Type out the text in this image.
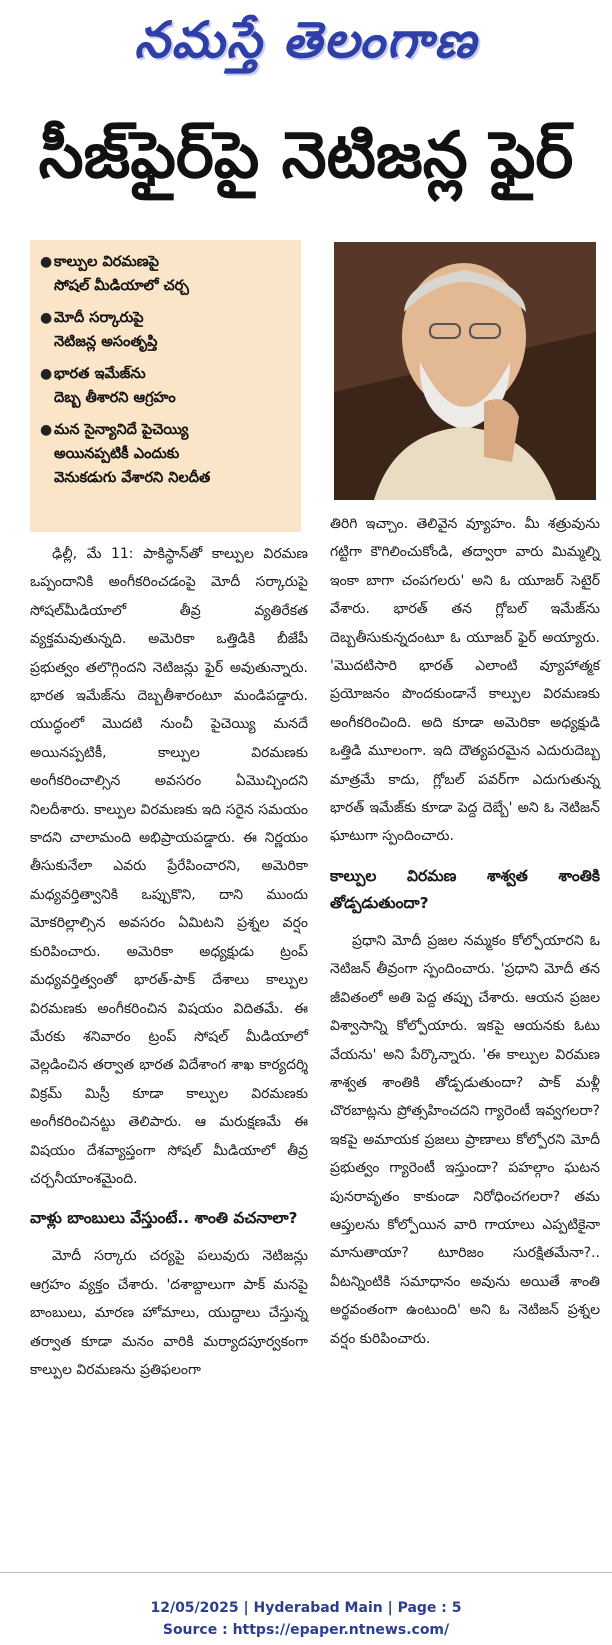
నమస్తే తెలంగాణ
సీజ్‌ఫైర్‌పై నెటిజన్ల ఫైర్‌
● కాల్పుల విరమణపై
సోషల్‌ మీడియాలో చర్చ
● మోదీ సర్కారుపై
నెటిజన్ల అసంతృప్తి
● భారత ఇమేజ్‌ను
దెబ్బ తీశారని ఆగ్రహం
● మన సైన్యానిదే పైచెయ్యి
అయినప్పటికీ ఎందుకు
వెనుకడుగు వేశారని నిలదీత

ఢిల్లీ, మే 11: పాకిస్థాన్‌తో కాల్పుల విరమణ ఒప్పందానికి అంగీకరించడంపై మోదీ సర్కారుపై సోషల్‌మీడియాలో తీవ్ర వ్యతిరేకత వ్యక్తమవుతున్నది. అమెరికా ఒత్తిడికి బీజేపీ ప్రభుత్వం తలొగ్గిందని నెటిజన్లు ఫైర్‌ అవుతున్నారు. భారత ఇమేజ్‌ను దెబ్బతీశారంటూ మండిపడ్డారు. యుద్ధంలో మొదటి నుంచీ పైచెయ్యి మనదే అయినప్పటికీ, కాల్పుల విరమణకు అంగీకరించాల్సిన అవసరం ఏమొచ్చిందని నిలదీశారు. కాల్పుల విరమణకు ఇది సరైన సమయం కాదని చాలామంది అభిప్రాయపడ్డారు. ఈ నిర్ణయం తీసుకునేలా ఎవరు ప్రేరేపించారని, అమెరికా మధ్యవర్తిత్వానికి ఒప్పుకొని, దాని ముందు మోకరిల్లాల్సిన అవసరం ఏమిటని ప్రశ్నల వర్షం కురిపించారు. అమెరికా అధ్యక్షుడు ట్రంప్‌ మధ్యవర్తిత్వంతో భారత్‌-పాక్‌ దేశాలు కాల్పుల విరమణకు అంగీకరించిన విషయం విదితమే. ఈ మేరకు శనివారం ట్రంప్‌ సోషల్‌ మీడియాలో వెల్లడించిన తర్వాత భారత విదేశాంగ శాఖ కార్యదర్శి విక్రమ్‌ మిస్రీ కూడా కాల్పుల విరమణకు అంగీకరించినట్టు తెలిపారు. ఆ మరుక్షణమే ఈ విషయం దేశవ్యాప్తంగా సోషల్‌ మీడియాలో తీవ్ర చర్చనీయాంశమైంది.

వాళ్లు బాంబులు వేస్తుంటే.. శాంతి వచనాలా?

మోదీ సర్కారు చర్యపై పలువురు నెటిజన్లు ఆగ్రహం వ్యక్తం చేశారు. 'దశాబ్దాలుగా పాక్‌ మనపై బాంబులు, మారణ హోమాలు, యుద్ధాలు చేస్తున్న తర్వాత కూడా మనం వారికి మర్యాదపూర్వకంగా కాల్పుల విరమణను ప్రతిఫలంగా

తిరిగి ఇచ్చాం. తెలివైన వ్యూహం. మీ శత్రువును గట్టిగా కౌగిలించుకోండి, తద్వారా వారు మిమ్మల్ని ఇంకా బాగా చంపగలరు' అని ఓ యూజర్‌ సెటైర్‌ వేశారు. భారత్‌ తన గ్లోబల్‌ ఇమేజ్‌ను దెబ్బతీసుకున్నదంటూ ఓ యూజర్‌ ఫైర్‌ అయ్యారు. 'మొదటిసారి భారత్‌ ఎలాంటి వ్యూహాత్మక ప్రయోజనం పొందకుండానే కాల్పుల విరమణకు అంగీకరించింది. అది కూడా అమెరికా అధ్యక్షుడి ఒత్తిడి మూలంగా. ఇది దౌత్యపరమైన ఎదురుదెబ్బ మాత్రమే కాదు, గ్లోబల్‌ పవర్‌గా ఎదుగుతున్న భారత్‌ ఇమేజ్‌కు కూడా పెద్ద దెబ్బే' అని ఓ నెటిజన్‌ ఘాటుగా స్పందించారు.

కాల్పుల విరమణ శాశ్వత శాంతికి తోడ్పడుతుందా?

ప్రధాని మోదీ ప్రజల నమ్మకం కోల్పోయారని ఓ నెటిజన్‌ తీవ్రంగా స్పందించారు. 'ప్రధాని మోదీ తన జీవితంలో అతి పెద్ద తప్పు చేశారు. ఆయన ప్రజల విశ్వాసాన్ని కోల్పోయారు. ఇకపై ఆయనకు ఓటు వేయను' అని పేర్కొన్నారు. 'ఈ కాల్పుల విరమణ శాశ్వత శాంతికి తోడ్పడుతుందా? పాక్‌ మళ్లీ చొరబాట్లను ప్రోత్సహించదని గ్యారెంటీ ఇవ్వగలరా? ఇకపై అమాయక ప్రజలు ప్రాణాలు కోల్పోరని మోదీ ప్రభుత్వం గ్యారెంటీ ఇస్తుందా? పహల్గాం ఘటన పునరావృతం కాకుండా నిరోధించగలరా? తమ ఆప్తులను కోల్పోయిన వారి గాయాలు ఎప్పటికైనా మానుతాయా? టూరిజం సురక్షితమేనా?.. వీటన్నింటికి సమాధానం అవును అయితే శాంతి అర్థవంతంగా ఉంటుంది' అని ఓ నెటిజన్‌ ప్రశ్నల వర్షం కురిపించారు.

12/05/2025 | Hyderabad Main | Page : 5
Source : https://epaper.ntnews.com/
